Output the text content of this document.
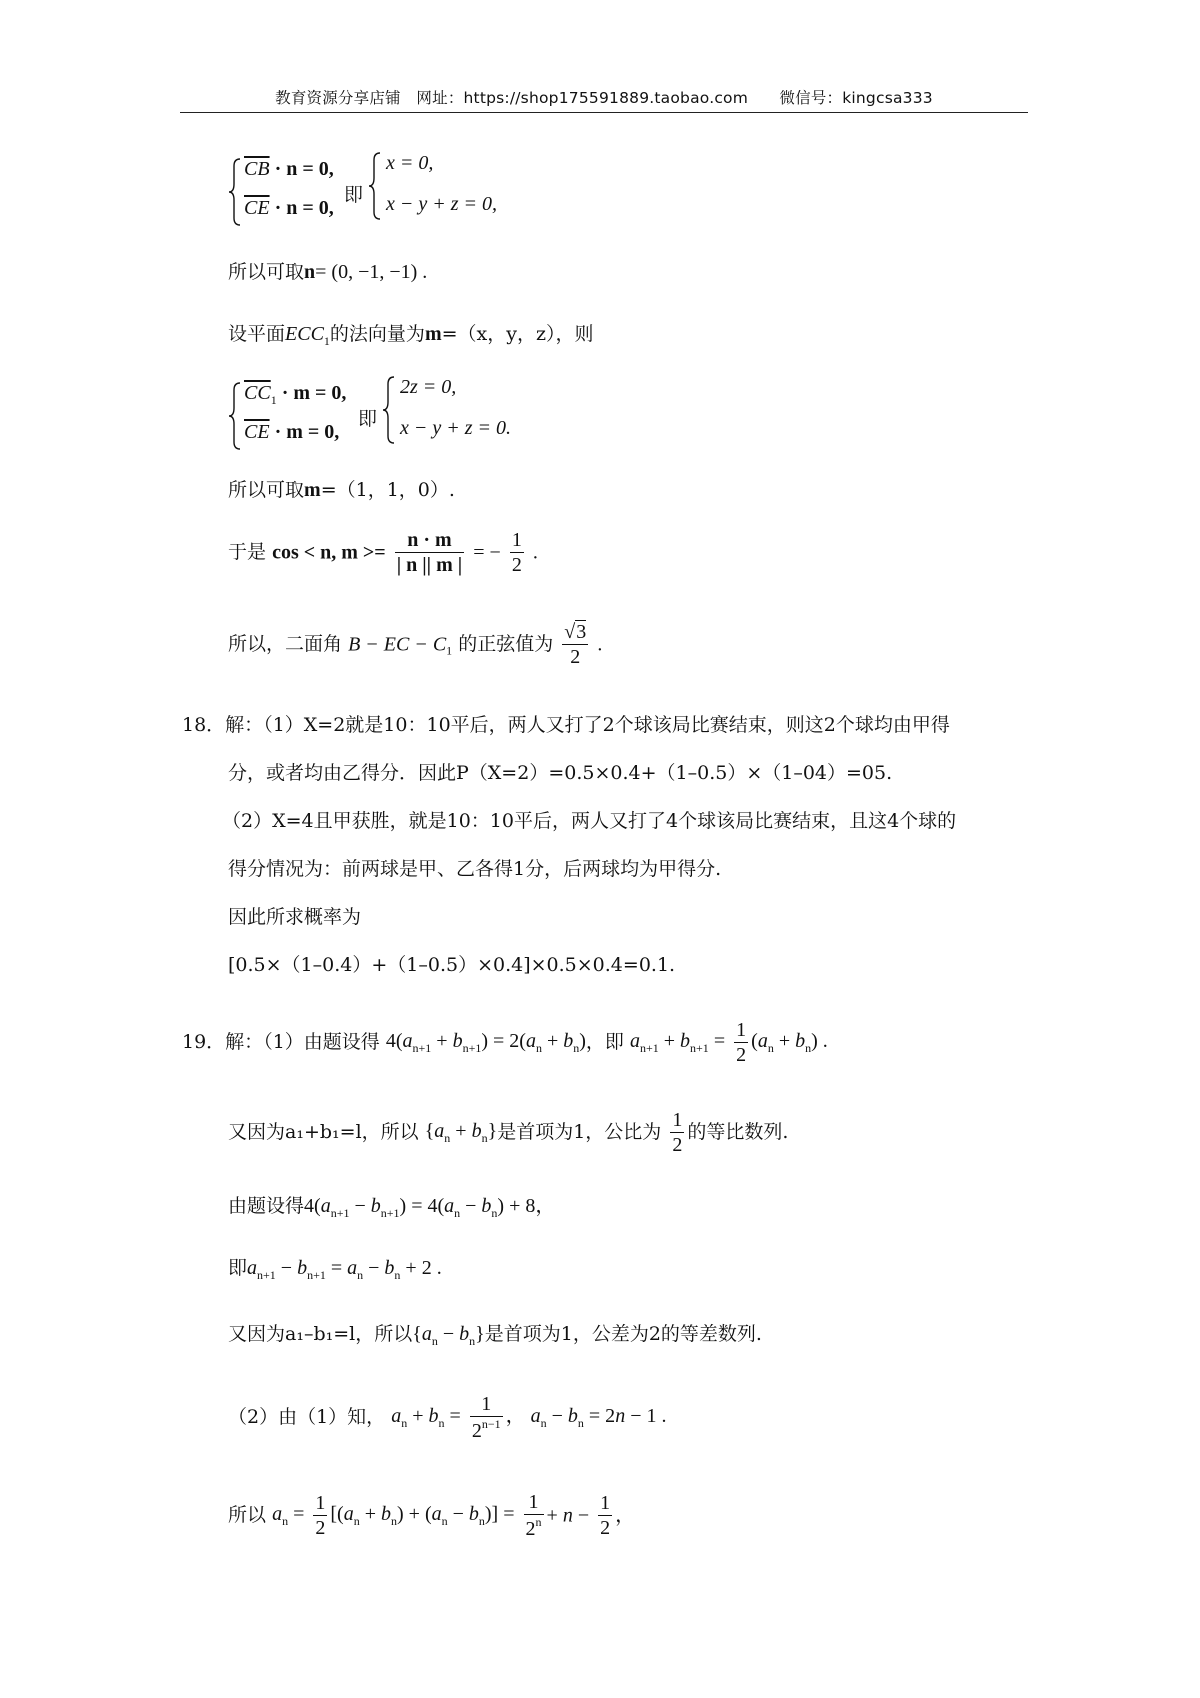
教育资源分享店铺　网址：https://shop175591889.taobao.com　　微信号：kingcsa333
$\overline{CB} \cdot n = 0$,
$\overline{CE} \cdot n = 0$,
即
x = 0,
x − y + z = 0,
所以可取n= (0, −1, −1) .
设平面$ECC_1$的法向量为m=（x，y，z），则
$\overline{CC}_1 \cdot m = 0$,
$\overline{CE} \cdot m = 0$,
即
2z = 0,
x − y + z = 0.
所以可取m=（1，1，0）.
于是 cos < n, $m >= \frac{n \cdot m}{| n || m |}$ = − $\frac{1}{2}$ .
所以，二面角 B − EC − $C_1$ 的正弦值为 $\frac{√3}{2}$ .
18．解：（1）X=2就是10：10平后，两人又打了2个球该局比赛结束，则这2个球均由甲得
分，或者均由乙得分．因此P（X=2）=0.5×0.4+（1–0.5）×（1–04）=05.
（2）X=4且甲获胜，就是10：10平后，两人又打了4个球该局比赛结束，且这4个球的
得分情况为：前两球是甲、乙各得1分，后两球均为甲得分.
因此所求概率为
[0.5×（1–0.4）+（1–0.5）×0.4]×0.5×0.4=0.1.
19．解：（1）由题设得 $4(a_{n+1} + b_{n+1}) = 2(a_n + b_n)$，即 $a_{n+1} + b_{n+1} = \frac{1}{2} (a_n + b_n)$ .
又因为a₁+b₁=l，所以 $\{a_n + b_n\}$是首项为1，公比为 $\frac{1}{2}$ 的等比数列.
由题设得$4(a_{n+1} - b_{n+1}) = 4(a_n - b_n) + 8$，
即$a_{n+1} - b_{n+1} = a_n - b_n + 2$ .
又因为a₁–b₁=l，所以$\{a_n - b_n\}$是首项为1，公差为2的等差数列.
（2）由（1）知， $a_n + b_n = \frac{1}{2^{n-1}}$ ， $a_n - b_n = 2n - 1$ .
所以 $a_n = \frac{1}{2} [(a_n + b_n) + (a_n - b_n)] = \frac{1}{2^n} + n - \frac{1}{2}$ ，
